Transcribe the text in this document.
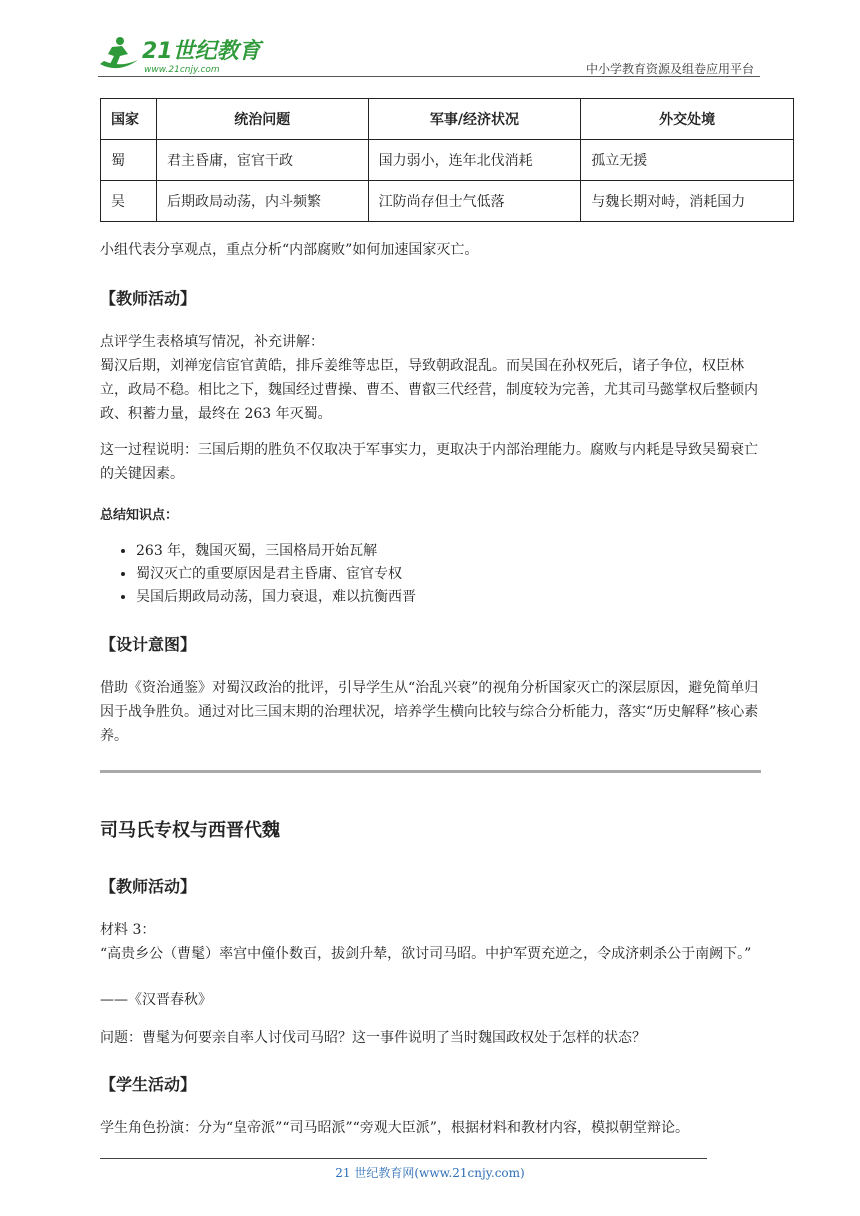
21世纪教育
www.21cnjy.com	中小学教育资源及组卷应用平台
国家	统治问题	军事/经济状况	外交处境
蜀	君主昏庸，宦官干政	国力弱小，连年北伐消耗	孤立无援
吴	后期政局动荡，内斗频繁	江防尚存但士气低落	与魏长期对峙，消耗国力

小组代表分享观点，重点分析“内部腐败”如何加速国家灭亡。

【教师活动】

点评学生表格填写情况，补充讲解：

蜀汉后期，刘禅宠信宦官黄皓，排斥姜维等忠臣，导致朝政混乱。而吴国在孙权死后，诸子争位，权臣林立，政局不稳。相比之下，魏国经过曹操、曹丕、曹叡三代经营，制度较为完善，尤其司马懿掌权后整顿内政、积蓄力量，最终在 263 年灭蜀。

这一过程说明：三国后期的胜负不仅取决于军事实力，更取决于内部治理能力。腐败与内耗是导致吴蜀衰亡的关键因素。

总结知识点：

• 263 年，魏国灭蜀，三国格局开始瓦解
• 蜀汉灭亡的重要原因是君主昏庸、宦官专权
• 吴国后期政局动荡，国力衰退，难以抗衡西晋

【设计意图】

借助《资治通鉴》对蜀汉政治的批评，引导学生从“治乱兴衰”的视角分析国家灭亡的深层原因，避免简单归因于战争胜负。通过对比三国末期的治理状况，培养学生横向比较与综合分析能力，落实“历史解释”核心素养。

司马氏专权与西晋代魏

【教师活动】

材料 3：

“高贵乡公（曹髦）率宫中僮仆数百，拔剑升辇，欲讨司马昭。中护军贾充逆之，令成济刺杀公于南阙下。”

——《汉晋春秋》

问题：曹髦为何要亲自率人讨伐司马昭？这一事件说明了当时魏国政权处于怎样的状态？

【学生活动】

学生角色扮演：分为“皇帝派”“司马昭派”“旁观大臣派”，根据材料和教材内容，模拟朝堂辩论。

21 世纪教育网(www.21cnjy.com)
